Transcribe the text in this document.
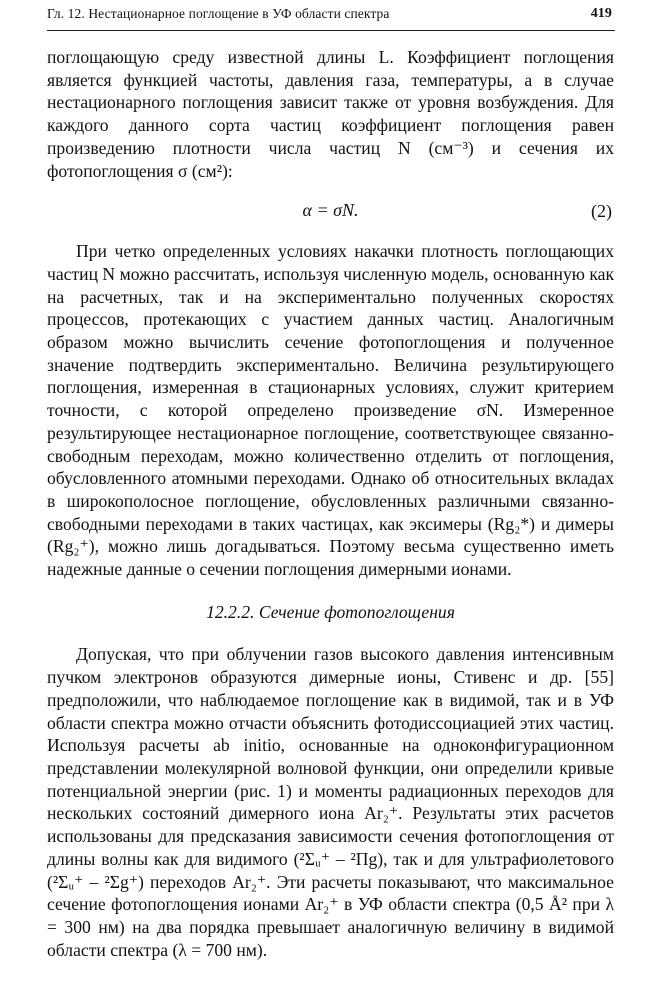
Гл. 12. Нестационарное поглощение в УФ области спектра	419

поглощающую среду известной длины L. Коэффициент поглощения является функцией частоты, давления газа, температуры, а в случае нестационарного поглощения зависит также от уровня возбуждения. Для каждого данного сорта частиц коэффициент поглощения равен произведению плотности числа частиц N (см⁻³) и сечения их фотопоглощения σ (см²):

α = σN.	(2)

При четко определенных условиях накачки плотность поглощающих частиц N можно рассчитать, используя численную модель, основанную как на расчетных, так и на экспериментально полученных скоростях процессов, протекающих с участием данных частиц. Аналогичным образом можно вычислить сечение фотопоглощения и полученное значение подтвердить экспериментально. Величина результирующего поглощения, измеренная в стационарных условиях, служит критерием точности, с которой определено произведение σN. Измеренное результирующее нестационарное поглощение, соответствующее связанно-свободным переходам, можно количественно отделить от поглощения, обусловленного атомными переходами. Однако об относительных вкладах в широкополосное поглощение, обусловленных различными связанно-свободными переходами в таких частицах, как эксимеры (Rg₂*) и димеры (Rg₂⁺), можно лишь догадываться. Поэтому весьма существенно иметь надежные данные о сечении поглощения димерными ионами.

12.2.2. Сечение фотопоглощения

Допуская, что при облучении газов высокого давления интенсивным пучком электронов образуются димерные ионы, Стивенс и др. [55] предположили, что наблюдаемое поглощение как в видимой, так и в УФ области спектра можно отчасти объяснить фотодиссоциацией этих частиц. Используя расчеты ab initio, основанные на одноконфигурационном представлении молекулярной волновой функции, они определили кривые потенциальной энергии (рис. 1) и моменты радиационных переходов для нескольких состояний димерного иона Ar₂⁺. Результаты этих расчетов использованы для предсказания зависимости сечения фотопоглощения от длины волны как для видимого (²Σᵤ⁺ – ²Πg), так и для ультрафиолетового (²Σᵤ⁺ – ²Σg⁺) переходов Ar₂⁺. Эти расчеты показывают, что максимальное сечение фотопоглощения ионами Ar₂⁺ в УФ области спектра (0,5 Å² при λ = 300 нм) на два порядка превышает аналогичную величину в видимой области спектра (λ = 700 нм).
